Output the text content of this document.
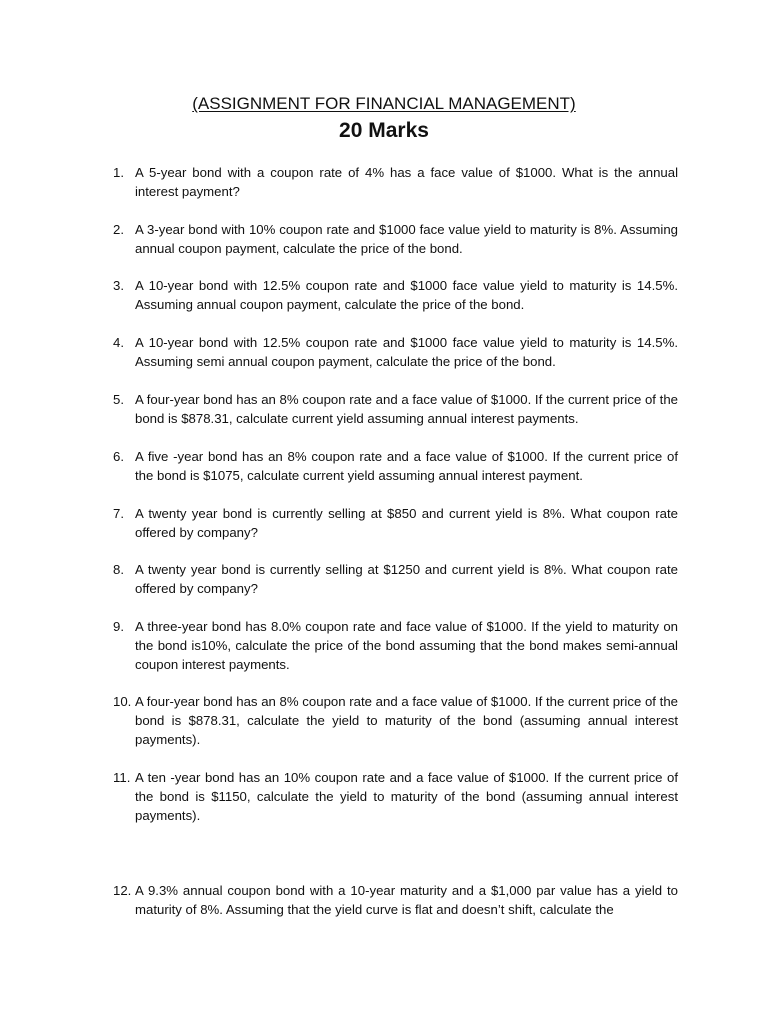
(ASSIGNMENT FOR FINANCIAL MANAGEMENT)
20 Marks
1. A 5-year bond with a coupon rate of 4% has a face value of $1000. What is the annual interest payment?
2. A 3-year bond with 10% coupon rate and $1000 face value yield to maturity is 8%. Assuming annual coupon payment, calculate the price of the bond.
3. A 10-year bond with 12.5% coupon rate and $1000 face value yield to maturity is 14.5%. Assuming annual coupon payment, calculate the price of the bond.
4. A 10-year bond with 12.5% coupon rate and $1000 face value yield to maturity is 14.5%. Assuming semi annual coupon payment, calculate the price of the bond.
5. A four-year bond has an 8% coupon rate and a face value of $1000. If the current price of the bond is $878.31, calculate current yield assuming annual interest payments.
6. A five -year bond has an 8% coupon rate and a face value of $1000. If the current price of the bond is $1075, calculate current yield assuming annual interest payment.
7. A twenty year bond is currently selling at $850 and current yield is 8%. What coupon rate offered by company?
8. A twenty year bond is currently selling at $1250 and current yield is 8%. What coupon rate offered by company?
9. A three-year bond has 8.0% coupon rate and face value of $1000. If the yield to maturity on the bond is10%, calculate the price of the bond assuming that the bond makes semi-annual coupon interest payments.
10. A four-year bond has an 8% coupon rate and a face value of $1000. If the current price of the bond is $878.31, calculate the yield to maturity of the bond (assuming annual interest payments).
11. A ten -year bond has an 10% coupon rate and a face value of $1000. If the current price of the bond is $1150, calculate the yield to maturity of the bond (assuming annual interest payments).
12. A 9.3% annual coupon bond with a 10-year maturity and a $1,000 par value has a yield to maturity of 8%. Assuming that the yield curve is flat and doesn’t shift, calculate the
